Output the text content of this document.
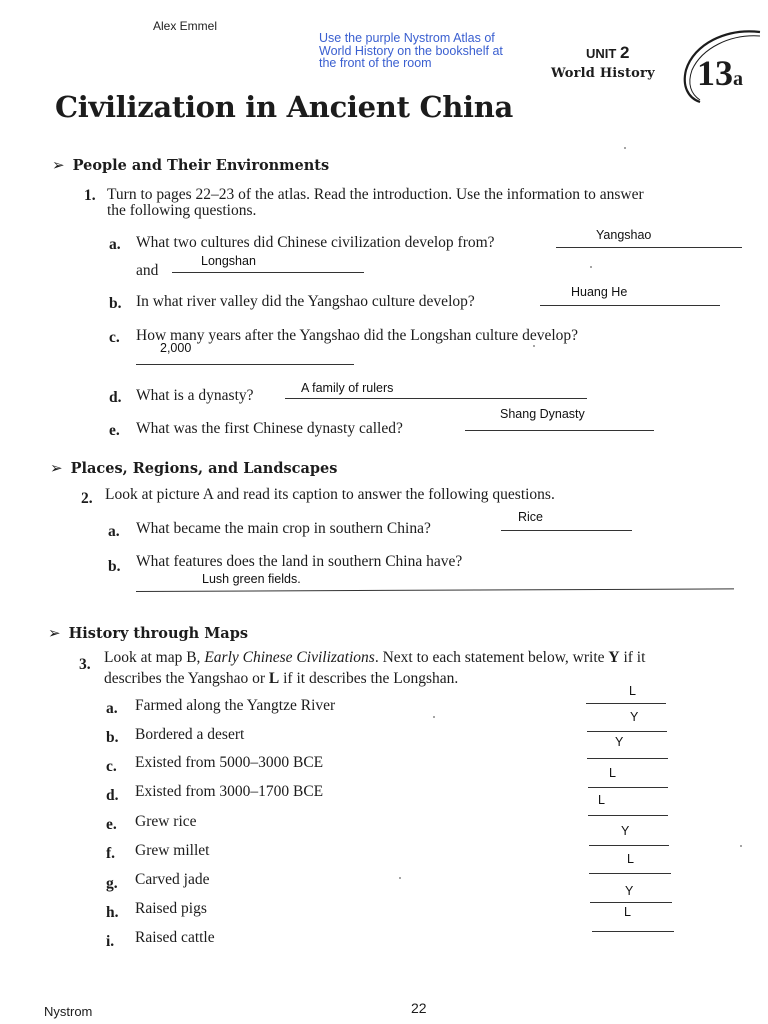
Alex Emmel
Use the purple Nystrom Atlas of
World History on the bookshelf at
the front of the room
UNIT 2
World History 13a
Civilization in Ancient China
➢ People and Their Environments
1. Turn to pages 22–23 of the atlas. Read the introduction. Use the information to answer
the following questions.
a. What two cultures did Chinese civilization develop from?	Yangshao
and
Longshan
b. In what river valley did the Yangshao culture develop?
Huang He
c. How many years after the Yangshao did the Longshan culture develop?
2,000
d. What is a dynasty?	A family of rulers
e. What was the first Chinese dynasty called?
Shang Dynasty
➢ Places, Regions, and Landscapes
2. Look at picture A and read its caption to answer the following questions.
a. What became the main crop in southern China?
Rice
b. What features does the land in southern China have?
Lush green fields.
➢ History through Maps
3. Look at map B, Early Chinese Civilizations. Next to each statement below, write Y if it
describes the Yangshao or L if it describes the Longshan.
a. Farmed along the Yangtze River
L
b. Bordered a desert
Y
c. Existed from 5000–3000 BCE
Y
d. Existed from 3000–1700 BCE
L
e. Grew rice
L
f. Grew millet
Y
g. Carved jade
L
h. Raised pigs
Y
i. Raised cattle
L
Nystrom	22
